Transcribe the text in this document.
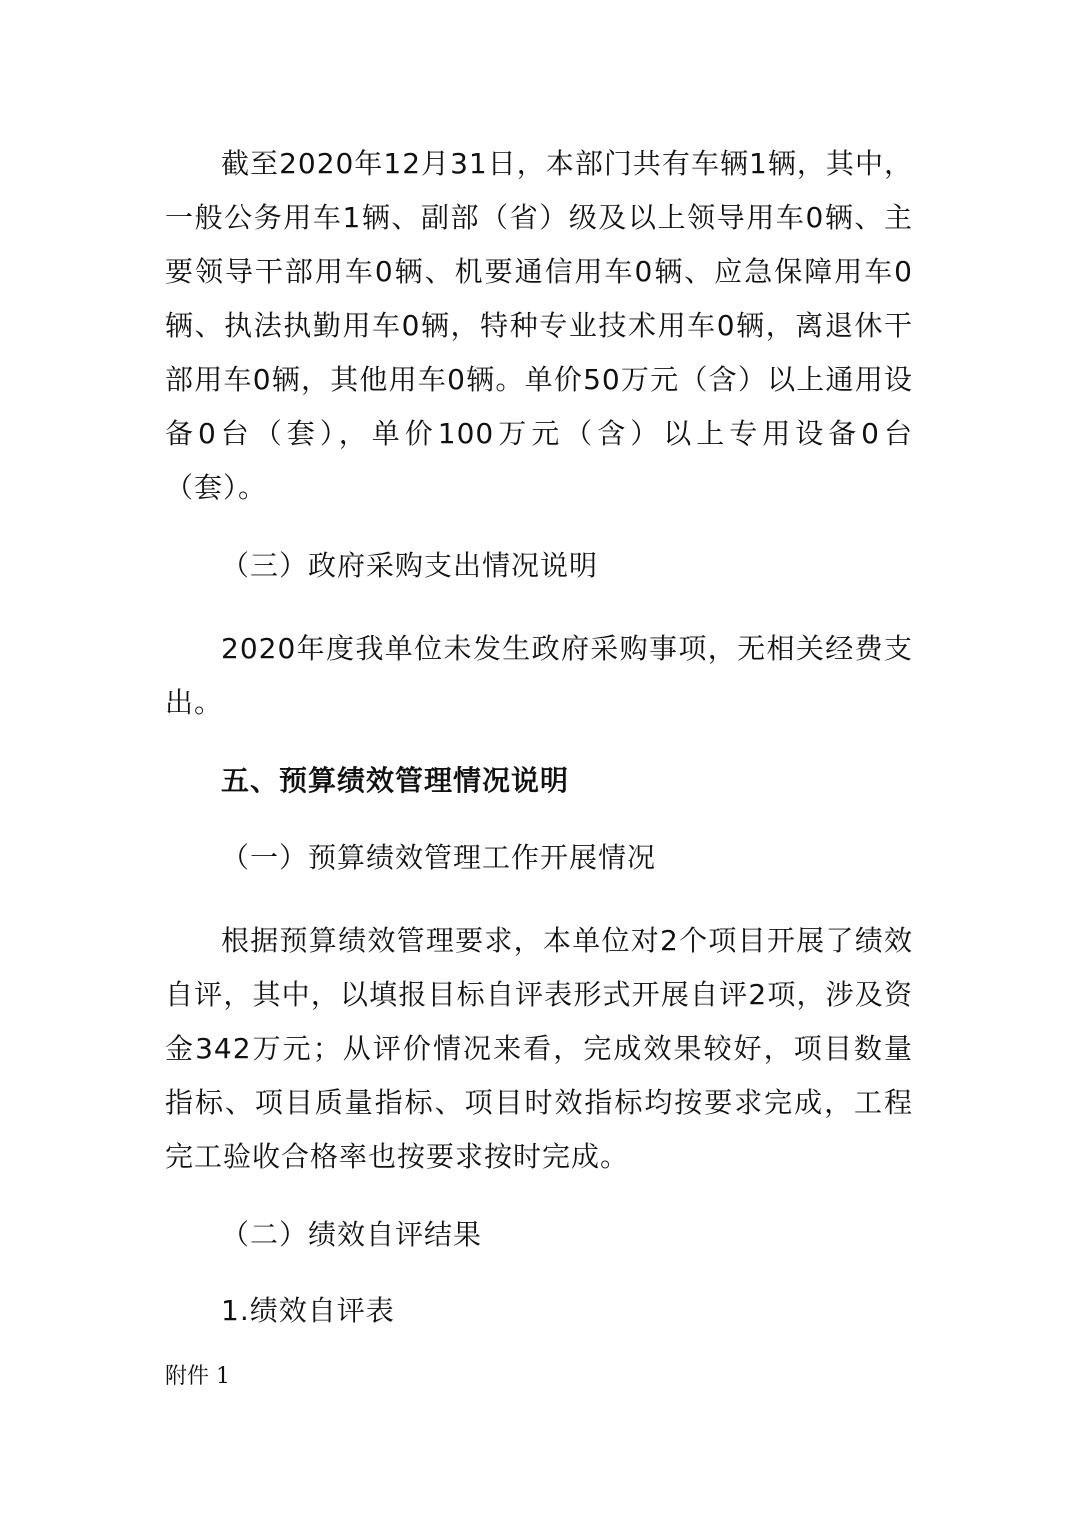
截至2020年12月31日，本部门共有车辆1辆，其中，一般公务用车1辆、副部（省）级及以上领导用车0辆、主要领导干部用车0辆、机要通信用车0辆、应急保障用车0辆、执法执勤用车0辆，特种专业技术用车0辆，离退休干部用车0辆，其他用车0辆。单价50万元（含）以上通用设备0台（套），单价100万元（含）以上专用设备0台（套）。

（三）政府采购支出情况说明

2020年度我单位未发生政府采购事项，无相关经费支出。

五、预算绩效管理情况说明

（一）预算绩效管理工作开展情况

根据预算绩效管理要求，本单位对2个项目开展了绩效自评，其中，以填报目标自评表形式开展自评2项，涉及资金342万元；从评价情况来看，完成效果较好，项目数量指标、项目质量指标、项目时效指标均按要求完成，工程完工验收合格率也按要求按时完成。

（二）绩效自评结果

1.绩效自评表

附件 1
